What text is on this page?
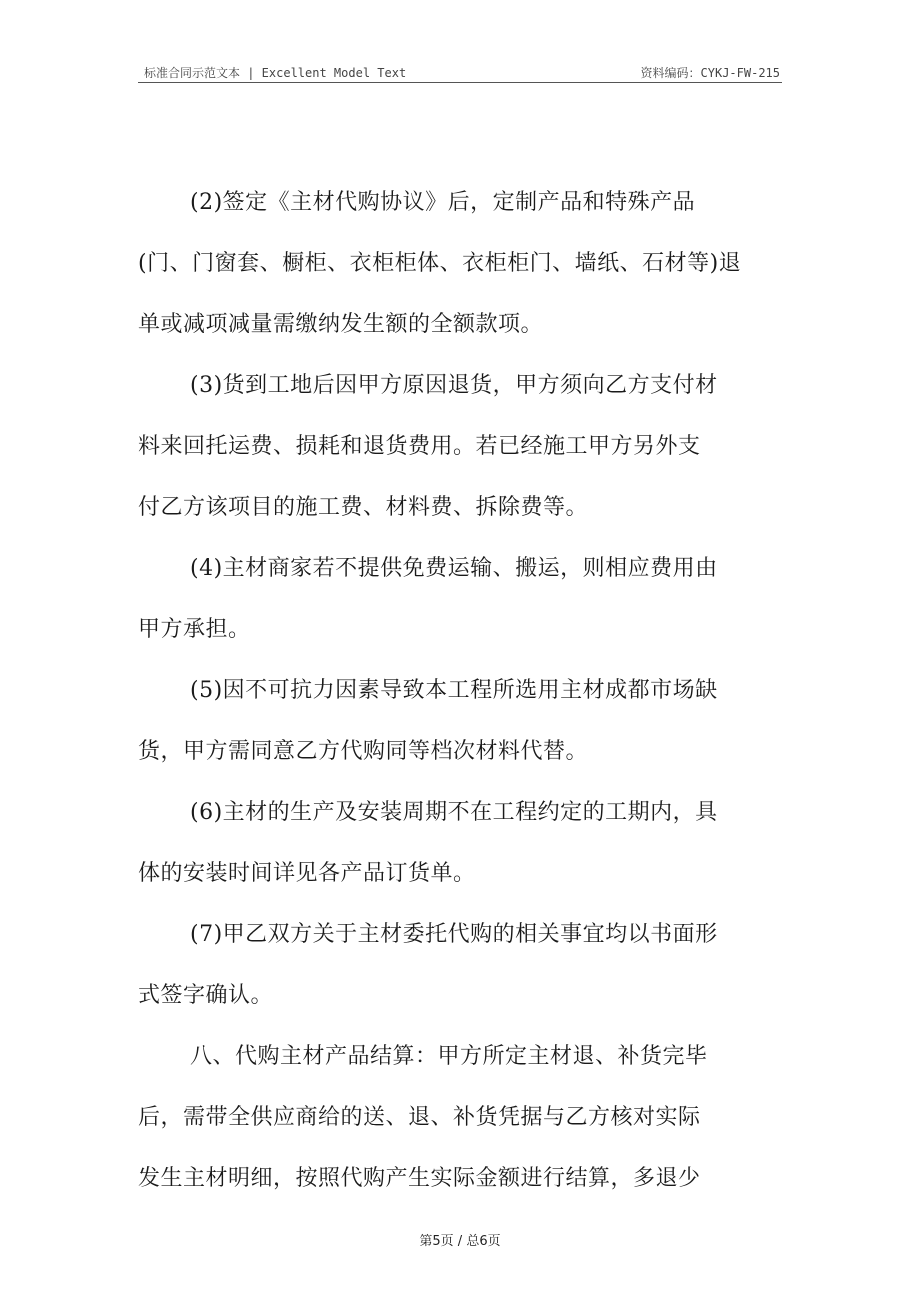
标准合同示范文本 | Excellent Model Text	资料编码：CYKJ-FW-215
(2)签定《主材代购协议》后，定制产品和特殊产品
(门、门窗套、橱柜、衣柜柜体、衣柜柜门、墙纸、石材等)退
单或减项减量需缴纳发生额的全额款项。
(3)货到工地后因甲方原因退货，甲方须向乙方支付材
料来回托运费、损耗和退货费用。若已经施工甲方另外支
付乙方该项目的施工费、材料费、拆除费等。
(4)主材商家若不提供免费运输、搬运，则相应费用由
甲方承担。
(5)因不可抗力因素导致本工程所选用主材成都市场缺
货，甲方需同意乙方代购同等档次材料代替。
(6)主材的生产及安装周期不在工程约定的工期内，具
体的安装时间详见各产品订货单。
(7)甲乙双方关于主材委托代购的相关事宜均以书面形
式签字确认。
八、代购主材产品结算：甲方所定主材退、补货完毕
后，需带全供应商给的送、退、补货凭据与乙方核对实际
发生主材明细，按照代购产生实际金额进行结算，多退少
第5页 / 总6页
